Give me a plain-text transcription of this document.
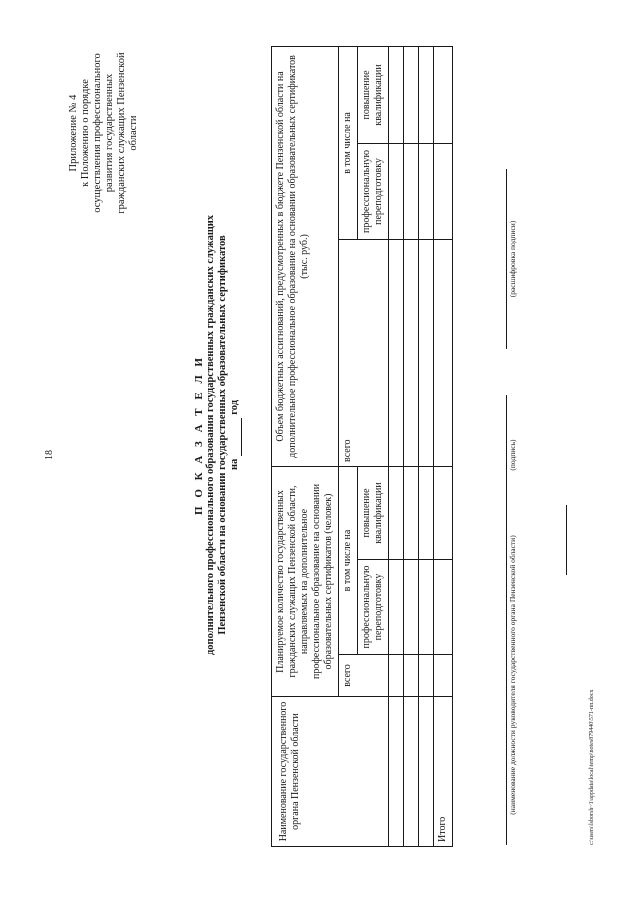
18
Приложение № 4 к Положению о порядке осуществления профессионального развития государственных гражданских служащих Пензенской области
П О К А З А Т Е Л И дополнительного профессионального образования государственных гражданских служащих Пензенской области на основании государственных образовательных сертификатов на год
Наименование государственного органа Пензенской области	Планируемое количество государственных гражданских служащих Пензенской области, направляемых на дополнительное профессиональное образование на основании образовательных сертификатов (человек)			Объем бюджетных ассигнований, предусмотренных в бюджете Пензенской области на дополнительное профессиональное образование на основании образовательных сертификатов (тыс. руб.)		
	всего	в том числе на		всего	в том числе на	
		профессиональную переподготовку	повышение квалификации		профессиональную переподготовку	повышение квалификации

Итого						
(наименование должности руководителя государственного органа Пензенской области)
(подпись)
(расшифровка подписи)
c:\users\lsborsh~1\appdata\local\temp\notes879440\571-пп.docx
